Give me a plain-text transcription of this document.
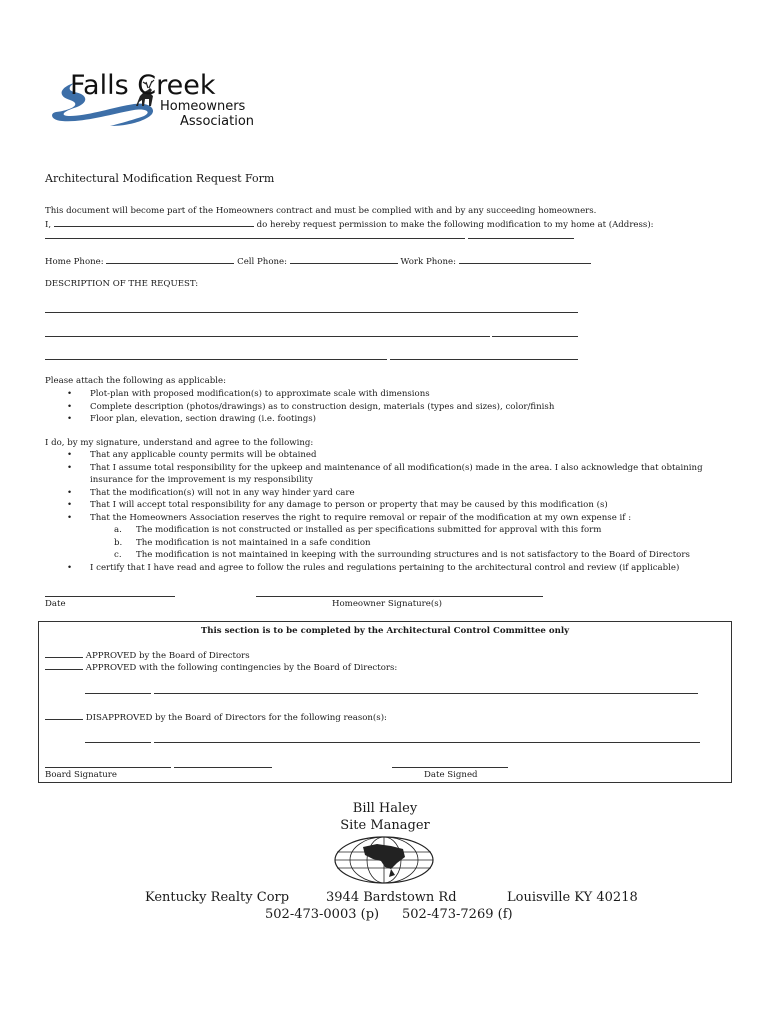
Falls Creek
Homeowners
Association
Architectural Modification Request Form
This document will become part of the Homeowners contract and must be complied with and by any succeeding homeowners.
I,	do hereby request permission to make the following modification to my home at (Address):
Home Phone:	Cell Phone:	Work Phone:
DESCRIPTION OF THE REQUEST:
Please attach the following as applicable:
• Plot-plan with proposed modification(s) to approximate scale with dimensions
• Complete description (photos/drawings) as to construction design, materials (types and sizes), color/finish
• Floor plan, elevation, section drawing (i.e. footings)
I do, by my signature, understand and agree to the following:
• That any applicable county permits will be obtained
• That I assume total responsibility for the upkeep and maintenance of all modification(s) made in the area. I also acknowledge that obtaining
insurance for the improvement is my responsibility
• That the modification(s) will not in any way hinder yard care
• That I will accept total responsibility for any damage to person or property that may be caused by this modification (s)
• That the Homeowners Association reserves the right to require removal or repair of the modification at my own expense if :
a. The modification is not constructed or installed as per specifications submitted for approval with this form
b. The modification is not maintained in a safe condition
c. The modification is not maintained in keeping with the surrounding structures and is not satisfactory to the Board of Directors
• I certify that I have read and agree to follow the rules and regulations pertaining to the architectural control and review (if applicable)
Date	Homeowner Signature(s)
This section is to be completed by the Architectural Control Committee only
APPROVED by the Board of Directors
APPROVED with the following contingencies by the Board of Directors:
DISAPPROVED by the Board of Directors for the following reason(s):
Board Signature	Date Signed
Bill Haley
Site Manager
Kentucky Realty Corp	3944 Bardstown Rd	Louisville KY 40218
502-473-0003 (p) 502-473-7269 (f)
